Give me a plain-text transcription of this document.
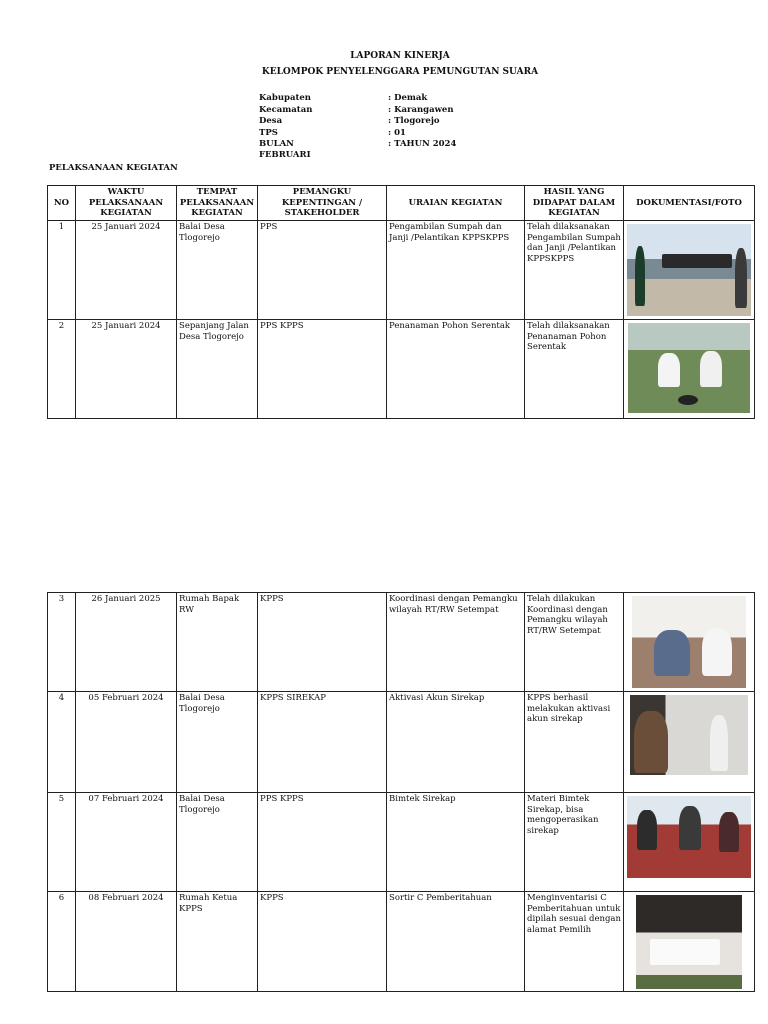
LAPORAN KINERJA
KELOMPOK PENYELENGGARA PEMUNGUTAN SUARA
Kabupaten	: Demak
Kecamatan	: Karangawen
Desa	: Tlogorejo
TPS	: 01
BULAN FEBRUARI
: TAHUN 2024
PELAKSANAAN KEGIATAN
NO	WAKTU PELAKSANAAN KEGIATAN	TEMPAT PELAKSANAAN KEGIATAN	PEMANGKU KEPENTINGAN / STAKEHOLDER	URAIAN KEGIATAN	HASIL YANG DIDAPAT DALAM KEGIATAN	DOKUMENTASI/FOTO
1	25 Januari 2024	Balai Desa Tlogorejo	PPS	Pengambilan Sumpah dan Janji /Pelantikan KPPSKPPS	Telah dilaksanakan Pengambilan Sumpah dan Janji /Pelantikan KPPSKPPS	

2	25 Januari 2024	Sepanjang Jalan Desa Tlogorejo	PPS KPPS	Penanaman Pohon Serentak	Telah dilaksanakan Penanaman Pohon Serentak	
3	26 Januari 2025	Rumah Bapak RW	KPPS	Koordinasi dengan Pemangku wilayah RT/RW Setempat	Telah dilakukan Koordinasi dengan Pemangku wilayah RT/RW Setempat	

4	05 Februari 2024	Balai Desa Tlogorejo	KPPS SIREKAP	Aktivasi Akun Sirekap	KPPS berhasil melakukan aktivasi akun sirekap	

5	07 Februari 2024	Balai Desa Tlogorejo	PPS KPPS	Bimtek Sirekap	Materi Bimtek Sirekap, bisa mengoperasikan sirekap	

6	08 Februari 2024	Rumah Ketua KPPS	KPPS	Sortir C Pemberitahuan	Menginventarisi C Pemberitahuan untuk dipilah sesuai dengan alamat Pemilih	
